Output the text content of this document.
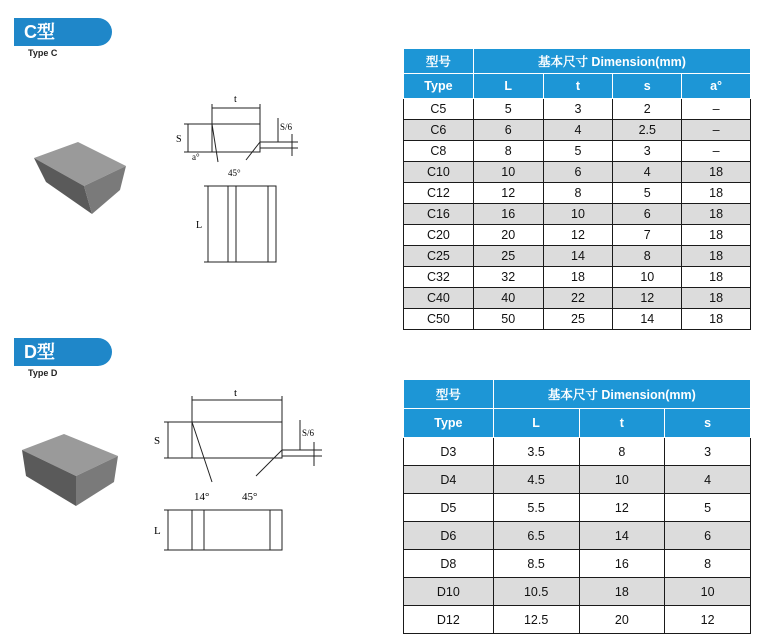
C型
Type C
t
S
S/6
a°
45°
L
型号	基本尺寸 Dimension(mm)			
Type	L	t	s	a°
C5	5	3	2	–
C6	6	4	2.5	–
C8	8	5	3	–
C10	10	6	4	18
C12	12	8	5	18
C16	16	10	6	18
C20	20	12	7	18
C25	25	14	8	18
C32	32	18	10	18
C40	40	22	12	18
C50	50	25	14	18
D型
Type D
t
S
S/6
14°	45°
L
型号	基本尺寸 Dimension(mm)		
Type	L	t	s
D3	3.5	8	3
D4	4.5	10	4
D5	5.5	12	5
D6	6.5	14	6
D8	8.5	16	8
D10	10.5	18	10
D12	12.5	20	12
